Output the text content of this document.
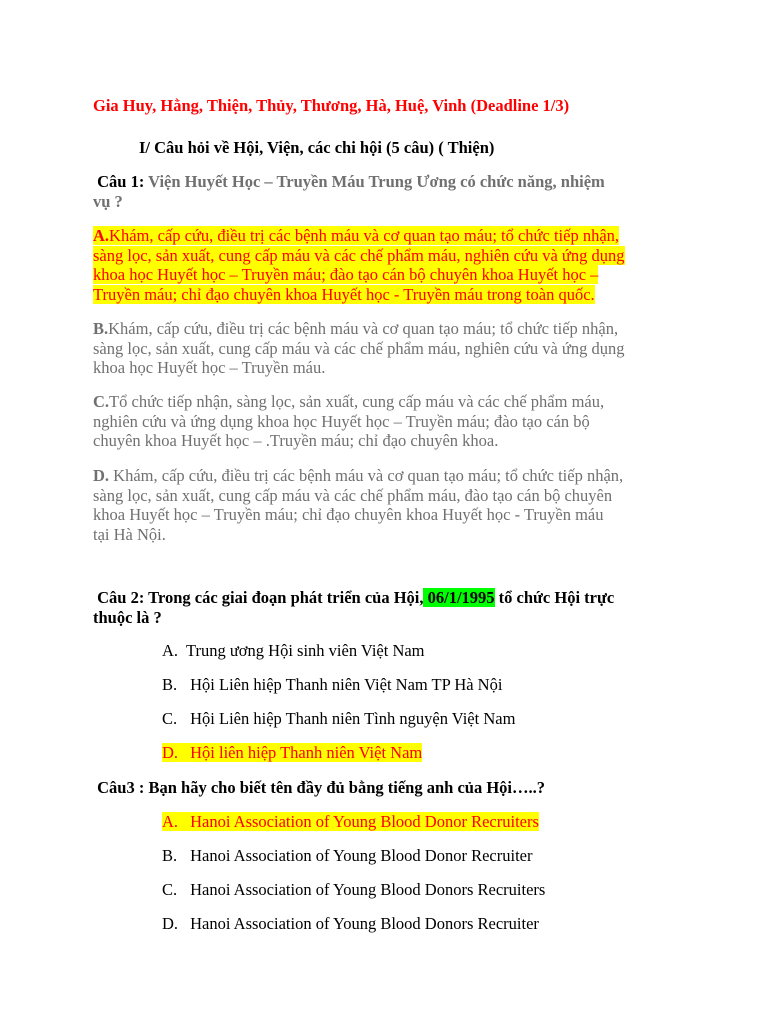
Gia Huy, Hằng, Thiện, Thủy, Thương, Hà, Huệ, Vinh (Deadline 1/3)
I/ Câu hỏi về Hội, Viện, các chi hội (5 câu) ( Thiện)
Câu 1: Viện Huyết Học – Truyền Máu Trung Ương có chức năng, nhiệm
vụ ?
A.Khám, cấp cứu, điều trị các bệnh máu và cơ quan tạo máu; tổ chức tiếp nhận,
sàng lọc, sản xuất, cung cấp máu và các chế phẩm máu, nghiên cứu và ứng dụng
khoa học Huyết học – Truyền máu; đào tạo cán bộ chuyên khoa Huyết học –
Truyền máu; chỉ đạo chuyên khoa Huyết học - Truyền máu trong toàn quốc.
B.Khám, cấp cứu, điều trị các bệnh máu và cơ quan tạo máu; tổ chức tiếp nhận,
sàng lọc, sản xuất, cung cấp máu và các chế phẩm máu, nghiên cứu và ứng dụng
khoa học Huyết học – Truyền máu.
C.Tổ chức tiếp nhận, sàng lọc, sản xuất, cung cấp máu và các chế phẩm máu,
nghiên cứu và ứng dụng khoa học Huyết học – Truyền máu; đào tạo cán bộ
chuyên khoa Huyết học – .Truyền máu; chỉ đạo chuyên khoa.
D. Khám, cấp cứu, điều trị các bệnh máu và cơ quan tạo máu; tổ chức tiếp nhận,
sàng lọc, sản xuất, cung cấp máu và các chế phẩm máu, đào tạo cán bộ chuyên
khoa Huyết học – Truyền máu; chỉ đạo chuyên khoa Huyết học - Truyền máu
tại Hà Nội.
Câu 2: Trong các giai đoạn phát triển của Hội, 06/1/1995 tổ chức Hội trực
thuộc là ?
A. Trung ương Hội sinh viên Việt Nam
B. Hội Liên hiệp Thanh niên Việt Nam TP Hà Nội
C. Hội Liên hiệp Thanh niên Tình nguyện Việt Nam
D. Hội liên hiệp Thanh niên Việt Nam
Câu3 : Bạn hãy cho biết tên đầy đủ bằng tiếng anh của Hội…..?
A. Hanoi Association of Young Blood Donor Recruiters
B. Hanoi Association of Young Blood Donor Recruiter
C. Hanoi Association of Young Blood Donors Recruiters
D. Hanoi Association of Young Blood Donors Recruiter
